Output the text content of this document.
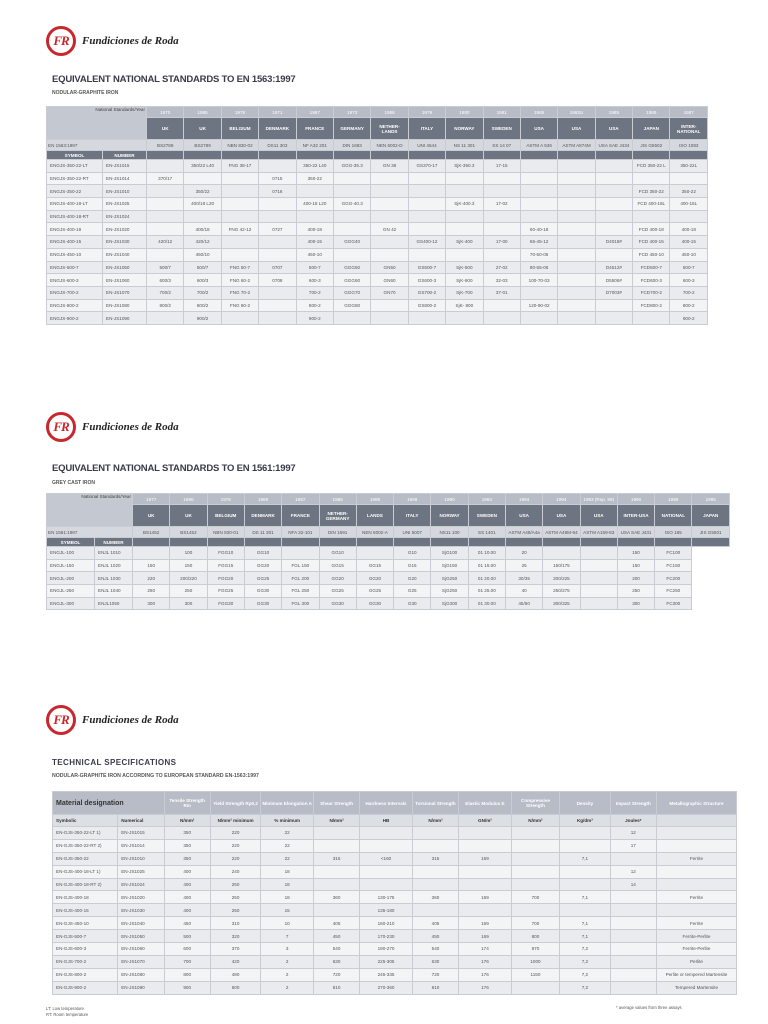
FR Fundiciones de Roda
EQUIVALENT NATIONAL STANDARDS TO EN 1563:1997
NODULAR-GRAPHITE IRON
National Standards/Year		1970	1985	1978	1971	1987	1973	1988	1979	1980	1981	1985	1983U	1985	1986	1987
		UK	UK	BELGIUM	DENMARK	FRANCE	GERMANY	NETHER-LANDS	ITALY	NORWAY	SWEDEN	USA	USA	USA	JAPAN	INTER-NATIONAL
EN 1563:1997		BS2789	BS2789	NBN 830-02	DS11 303	NF A32 201	DIN 1693	NEN 6002-D	UNI 4544	NS 11 301	SS 14 07	ASTM A 536	ASTM A874M	USA SAE J434	JIS G5502	ISO 1083
SYMBOL	NUMBER															
ENGJS-350-22-LT	EN-JS1015		350/22 L40	FNG 38-17		350-22 L40	GGG-35.3	GN 38	GS370-17	SjK-350.3	17-15				FCD 350-22 L	350-22L
ENGJS-350-22-RT	EN-JS1014	370/17			0715	350-22										
ENGJS-350-22	EN-JS1010		350/22		0716										FCD 350-22	350-22
ENGJS-400-18-LT	EN-JS1025		400/18 L20			400-18 L20	GGG-40.3			SjK-400.3	17-02				FCD 400-18L	400-18L
ENGJS-400-18-RT	EN-JS1024															
ENGJS-400-18	EN-JS1020		400/18	FNG 42-12	0727	400-18		GN 42				60-40-18			FCD 400-18	400-18
ENGJS-400-15	EN-JS1030	420/12	420/12			400-15	GGG40		GS400-12	SjK-400	17-00	65-45-12		D4018#	FCD 400-15	400-15
ENGJS-450-10	EN-JS1040		450/10			450-10						70-50-05			FCD 450-10	450-10
ENGJS-500-7	EN-JS1050	500/7	500/7	FNG 50-7	0707	500-7	GGG50	GN50	GS500-7	SjK-500	27-02	80-55-06		D4512#	FCD500-7	500-7
ENGJS-600-3	EN-JS1060	600/3	600/3	FNG 60-2	0708	600-3	GGG60	GN60	GS600-3	SjK-600	32-03	100-70-03		D5506#	FCD600-3	600-3
ENGJS-700-2	EN-JS1070	700/2	700/2	FNG 70-2		700-2	GGG70	GN70	GS700-2	SjK-700	37-01			D7003#	FCD700-2	700-2
ENGJS-800-2	EN-JS1080	800/2	800/2	FNG 80-2		800-2	GGG80		GS800-2	SjK- 800		120-90-02			FCD800-2	800-2
ENGJS-900-2	EN-JS1090		900/2			900-2										900-2
FR Fundiciones de Roda
EQUIVALENT NATIONAL STANDARDS TO EN 1561:1997
GREY CAST IRON
National Standards/Year		1977	1990	1976	1969	1987	1985	1989	1969	1990	1984	1994	1994	1993 (Rep. 99)	1990	1986	1995
		UK	UK	BELGIUM	DENMARK	FRANCE	NETHER-GERMANY	LANDS	ITALY	NORWAY	SWEDEN	USA	USA	USA	INTER-USA	NATIONAL	JAPAN
EN 1561:1997		BS1452	BS1452	NBN 830-01	DS 11 301	NFA 32-101	DIN 1691	NEN 6002-A	UNI 5007	NS11 100	SS 1401	ASTM A48/A4a	ASTM A48M-94	ASTM A159-83	USA SAE J431	ISO 185	JIS G5501
SYMBOL	NUMBER																
ENGJL-100	ENJL 1010		100	FGG10	GG10		GG10		G10	SjG100	01 10.00	20			150	FC100	
ENGJL-150	ENJL 1020	150	150	FGG15	GG20	FGL 150	GG15	GG15	G15	SjG150	01 15.00	25	150/175		150	FC150	
ENGJL-200	ENJL 1030	220	200/220	FGG20	GG25	FGL 200	GG20	GG20	G20	SjG250	01 20.00	30/35	200/225		200	FC200	
ENGJL-250	ENJL 1040	260	250	FGG25	GG30	FGL 250	GG25	GG25	G25	SjG250	01 25.00	40	250/275		250	FC250	
ENGJL-300	ENJL1050	300	300	FGG30	GG30	FGL 300	GG30	GG30	G30	SjG300	01 30.00	45/50	300/325		300	FC300	
FR Fundiciones de Roda
TECHNICAL SPECIFICATIONS
NODULAR-GRAPHITE IRON ACCORDING TO EUROPEAN STANDARD EN-1563:1997
Material designation		Tensile Strength Rm	Yield Strength Rp0,2	Minimum Elongation A	Shear Strength	Hardness Intervals	Torsional Strength	Elastic Modulus E	Compressive Strength	Density	Impact Strength	Metallographic Structure
Symbolic	Numerical	N/mm²	N/mm² minimum	% minimum	N/mm²	HB	N/mm²	GN/m²	N/mm²	Kg/dm³	Joules*	
EN-GJS-350-22-LT 1)	EN-JS1015	350	220	22							12	
EN-GJS-350-22-RT 2)	EN-JS1014	350	220	22							17	
EN-GJS-350-22	EN-JS1010	350	220	22	315	<160	315	169		7,1		Ferrite
EN-GJS-400-18-LT 1)	EN-JS1025	400	240	18							12	
EN-GJS-400-18-RT 2)	EN-JS1024	400	250	18							14	
EN-GJS-400-18	EN-JS1020	400	250	18	360	130-175	360	169	700	7,1		Ferrite
EN-GJS-400-15	EN-JS1030	400	250	15		135-180						
EN-GJS-450-10	EN-JS1040	450	310	10	405	160-210	405	169	700	7,1		Ferrite
EN-GJS-500-7	EN-JS1050	500	320	7	450	170-230	450	169	800	7,1		Ferrite-Perlite
EN-GJS-600-3	EN-JS1060	600	370	3	540	190-270	540	174	870	7,2		Ferrite-Perlite
EN-GJS-700-2	EN-JS1070	700	420	2	630	225-305	630	176	1000	7,2		Perlite
EN-GJS-800-2	EN-JS1080	800	480	2	720	245-335	720	176	1150	7,2		Perlite or tempered Martensite
EN-GJS-900-2	EN-JS1090	900	600	2	810	270-360	810	176		7,2		Tempered Martensite
LT: Low temperature
RT: Room temperature
* average values from three assays
